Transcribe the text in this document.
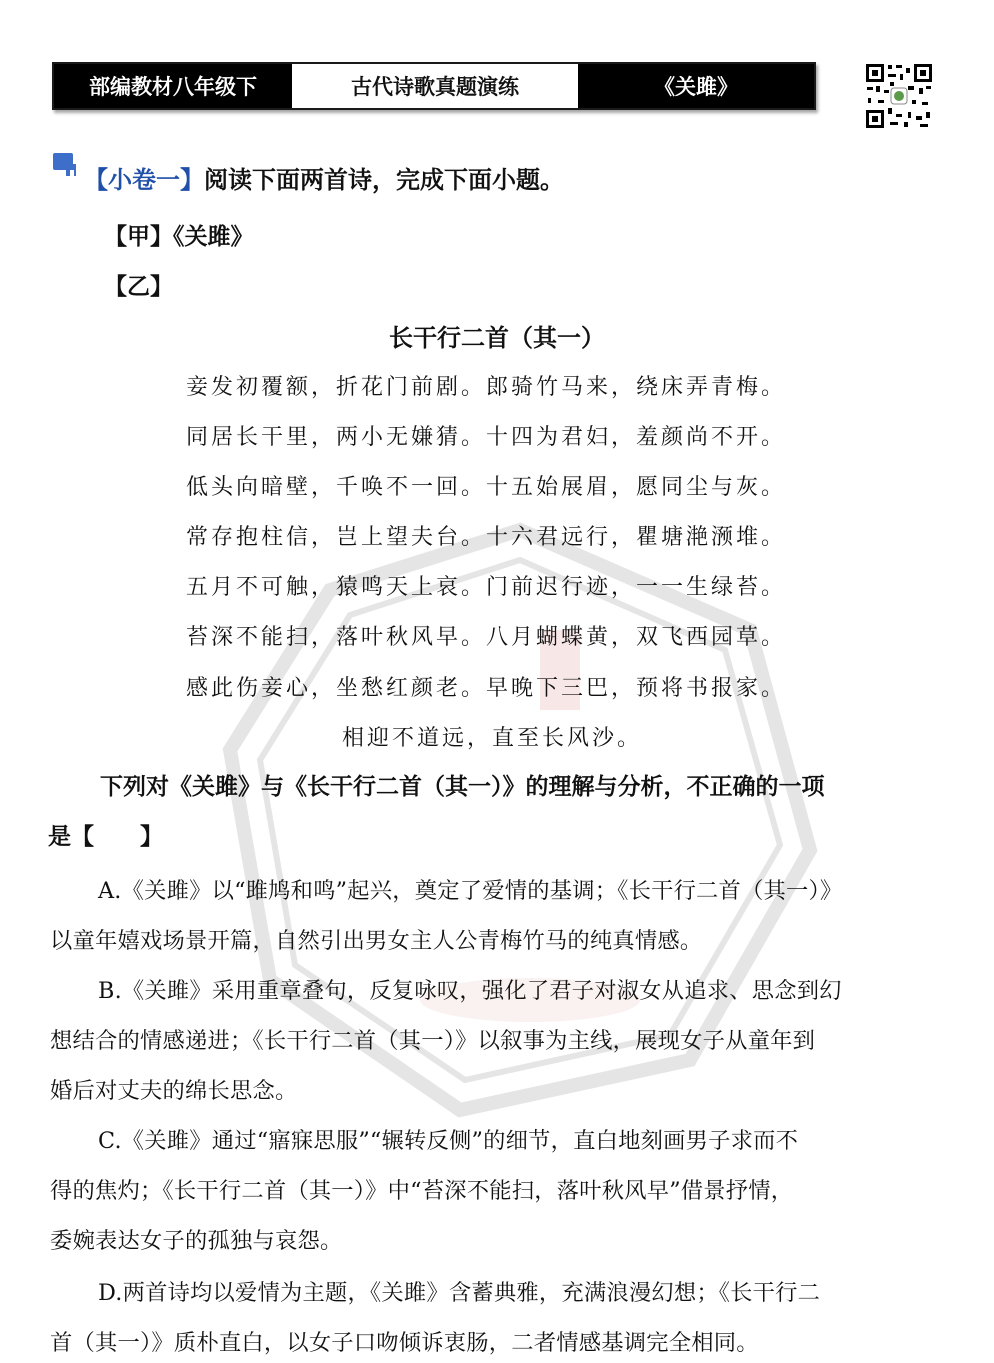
部编教材八年级下	古代诗歌真题演练	《关雎》
【小卷一】阅读下面两首诗，完成下面小题。
【甲】《关雎》
【乙】
长干行二首（其一）
妾发初覆额，折花门前剧。郎骑竹马来，绕床弄青梅。
同居长干里，两小无嫌猜。十四为君妇，羞颜尚不开。
低头向暗壁，千唤不一回。十五始展眉，愿同尘与灰。
常存抱柱信，岂上望夫台。十六君远行，瞿塘滟滪堆。
五月不可触，猿鸣天上哀。门前迟行迹，一一生绿苔。
苔深不能扫，落叶秋风早。八月蝴蝶黄，双飞西园草。
感此伤妾心，坐愁红颜老。早晚下三巴，预将书报家。
相迎不道远，直至长风沙。
下列对《关雎》与《长干行二首（其一）》的理解与分析，不正确的一项
是【　　】
A.《关雎》以“雎鸠和鸣”起兴，奠定了爱情的基调；《长干行二首（其一）》
以童年嬉戏场景开篇，自然引出男女主人公青梅竹马的纯真情感。
B.《关雎》采用重章叠句，反复咏叹，强化了君子对淑女从追求、思念到幻
想结合的情感递进；《长干行二首（其一）》以叙事为主线，展现女子从童年到
婚后对丈夫的绵长思念。
C.《关雎》通过“寤寐思服”“辗转反侧”的细节，直白地刻画男子求而不
得的焦灼；《长干行二首（其一）》中“苔深不能扫，落叶秋风早”借景抒情，
委婉表达女子的孤独与哀怨。
D.两首诗均以爱情为主题，《关雎》含蓄典雅，充满浪漫幻想；《长干行二
首（其一）》质朴直白，以女子口吻倾诉衷肠，二者情感基调完全相同。
